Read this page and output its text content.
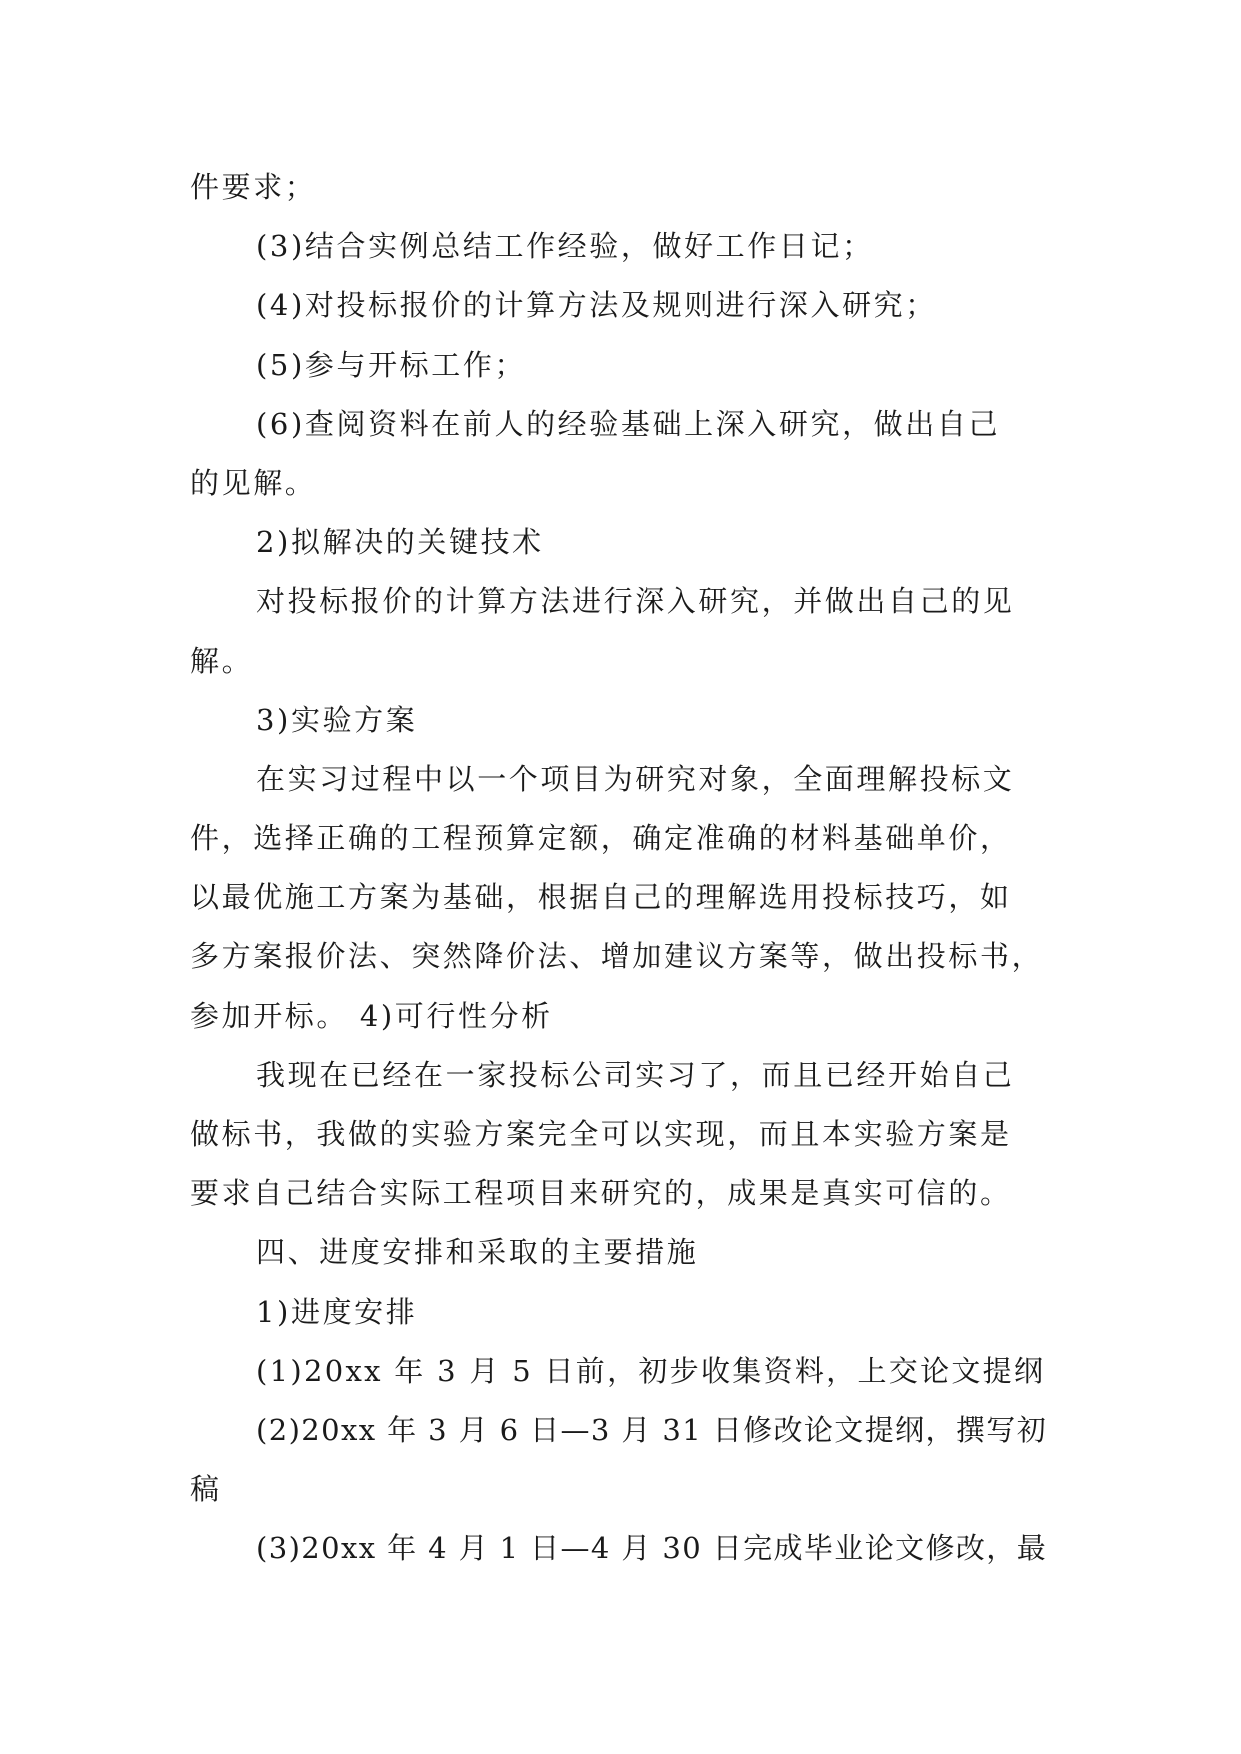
件要求；
(3)结合实例总结工作经验，做好工作日记；
(4)对投标报价的计算方法及规则进行深入研究；
(5)参与开标工作；
(6)查阅资料在前人的经验基础上深入研究，做出自己
的见解。
2)拟解决的关键技术
对投标报价的计算方法进行深入研究，并做出自己的见
解。
3)实验方案
在实习过程中以一个项目为研究对象，全面理解投标文
件，选择正确的工程预算定额，确定准确的材料基础单价，
以最优施工方案为基础，根据自己的理解选用投标技巧，如
多方案报价法、突然降价法、增加建议方案等，做出投标书，
参加开标。 4)可行性分析
我现在已经在一家投标公司实习了，而且已经开始自己
做标书，我做的实验方案完全可以实现，而且本实验方案是
要求自己结合实际工程项目来研究的，成果是真实可信的。
四、进度安排和采取的主要措施
1)进度安排
(1)20xx 年 3 月 5 日前，初步收集资料，上交论文提纲
(2)20xx 年 3 月 6 日—3 月 31 日修改论文提纲，撰写初
稿
(3)20xx 年 4 月 1 日—4 月 30 日完成毕业论文修改，最
